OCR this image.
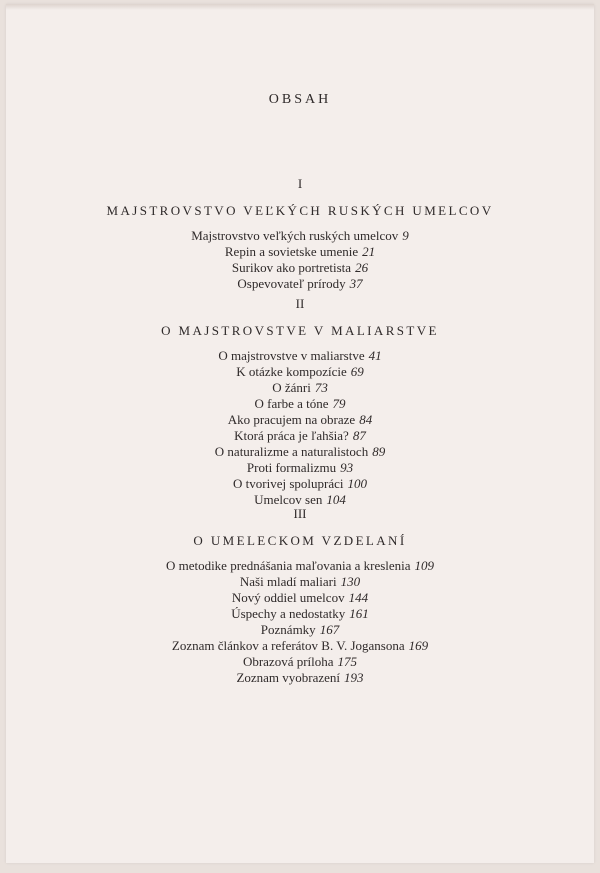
OBSAH
I
MAJSTROVSTVO VEĽKÝCH RUSKÝCH UMELCOV
Majstrovstvo veľkých ruských umelcov 9
Repin a sovietske umenie 21
Surikov ako portretista 26
Ospevovateľ prírody 37
II
O MAJSTROVSTVE V MALIARSTVE
O majstrovstve v maliarstve 41
K otázke kompozície 69
O žánri 73
O farbe a tóne 79
Ako pracujem na obraze 84
Ktorá práca je ľahšia? 87
O naturalizme a naturalistoch 89
Proti formalizmu 93
O tvorivej spolupráci 100
Umelcov sen 104
III
O UMELECKOM VZDELANÍ
O metodike prednášania maľovania a kreslenia 109
Naši mladí maliari 130
Nový oddiel umelcov 144
Úspechy a nedostatky 161
Poznámky 167
Zoznam článkov a referátov B. V. Jogansona 169
Obrazová príloha 175
Zoznam vyobrazení 193
